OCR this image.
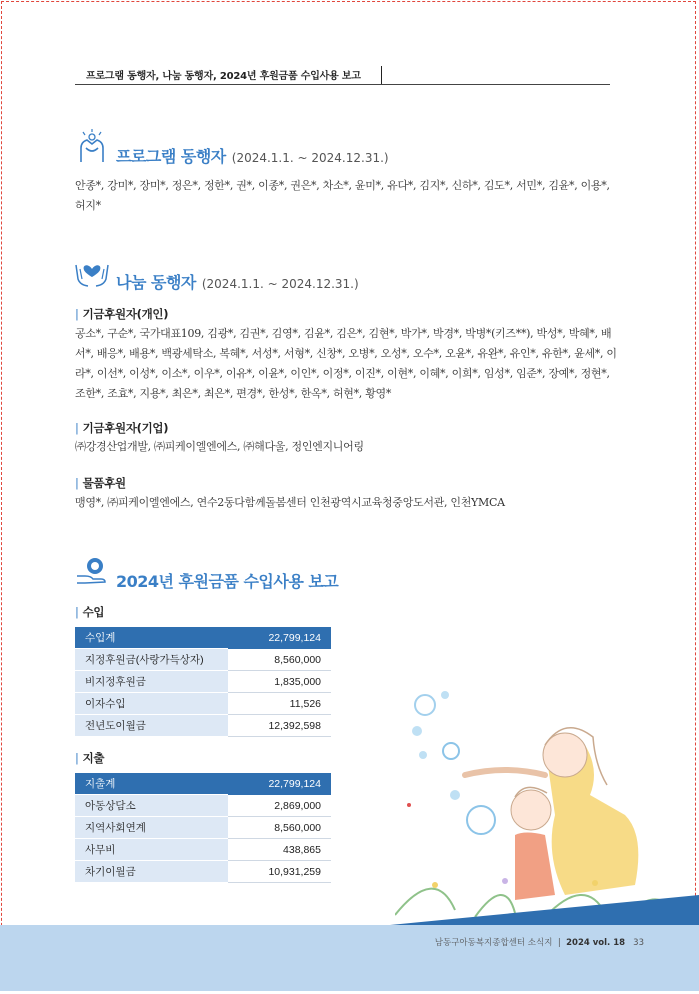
프로그램 동행자, 나눔 동행자, 2024년 후원금품 수입사용 보고
프로그램 동행자 (2024.1.1. ~ 2024.12.31.)
안종*, 강미*, 장미*, 정은*, 정한*, 권*, 이종*, 권은*, 차소*, 윤미*, 유다*, 김지*, 신하*, 김도*, 서민*, 김윤*, 이용*, 허지*
나눔 동행자 (2024.1.1. ~ 2024.12.31.)
| 기금후원자(개인)
공소*, 구순*, 국가대표109, 김광*, 김권*, 김영*, 김윤*, 김은*, 김현*, 박가*, 박경*, 박병*(키즈**), 박성*, 박혜*, 배서*, 배응*, 배용*, 백광세탁소, 복혜*, 서성*, 서형*, 신창*, 오병*, 오성*, 오수*, 오윤*, 유완*, 유인*, 유한*, 윤세*, 이라*, 이선*, 이성*, 이소*, 이우*, 이유*, 이윤*, 이인*, 이정*, 이진*, 이현*, 이혜*, 이희*, 임성*, 임준*, 장예*, 정현*, 조한*, 조효*, 지용*, 최은*, 최은*, 편경*, 한성*, 한옥*, 허현*, 황영*
| 기금후원자(기업)
㈜강경산업개발, ㈜피케이엘엔에스, ㈜해다울, 정인엔지니어링
| 물품후원
맹영*, ㈜피케이엘엔에스, 연수2동다함께돌봄센터 인천광역시교육청중앙도서관, 인천YMCA
2024년 후원금품 수입사용 보고
| 수입
수입계	22,799,124
지정후원금(사랑가득상자)	8,560,000
비지정후원금	1,835,000
이자수입	11,526
전년도이월금	12,392,598
| 지출
지출계	22,799,124
아동상담소	2,869,000
지역사회연계	8,560,000
사무비	438,865
차기이월금	10,931,259
남동구아동복지종합센터 소식지 | 2024 vol. 18 33
